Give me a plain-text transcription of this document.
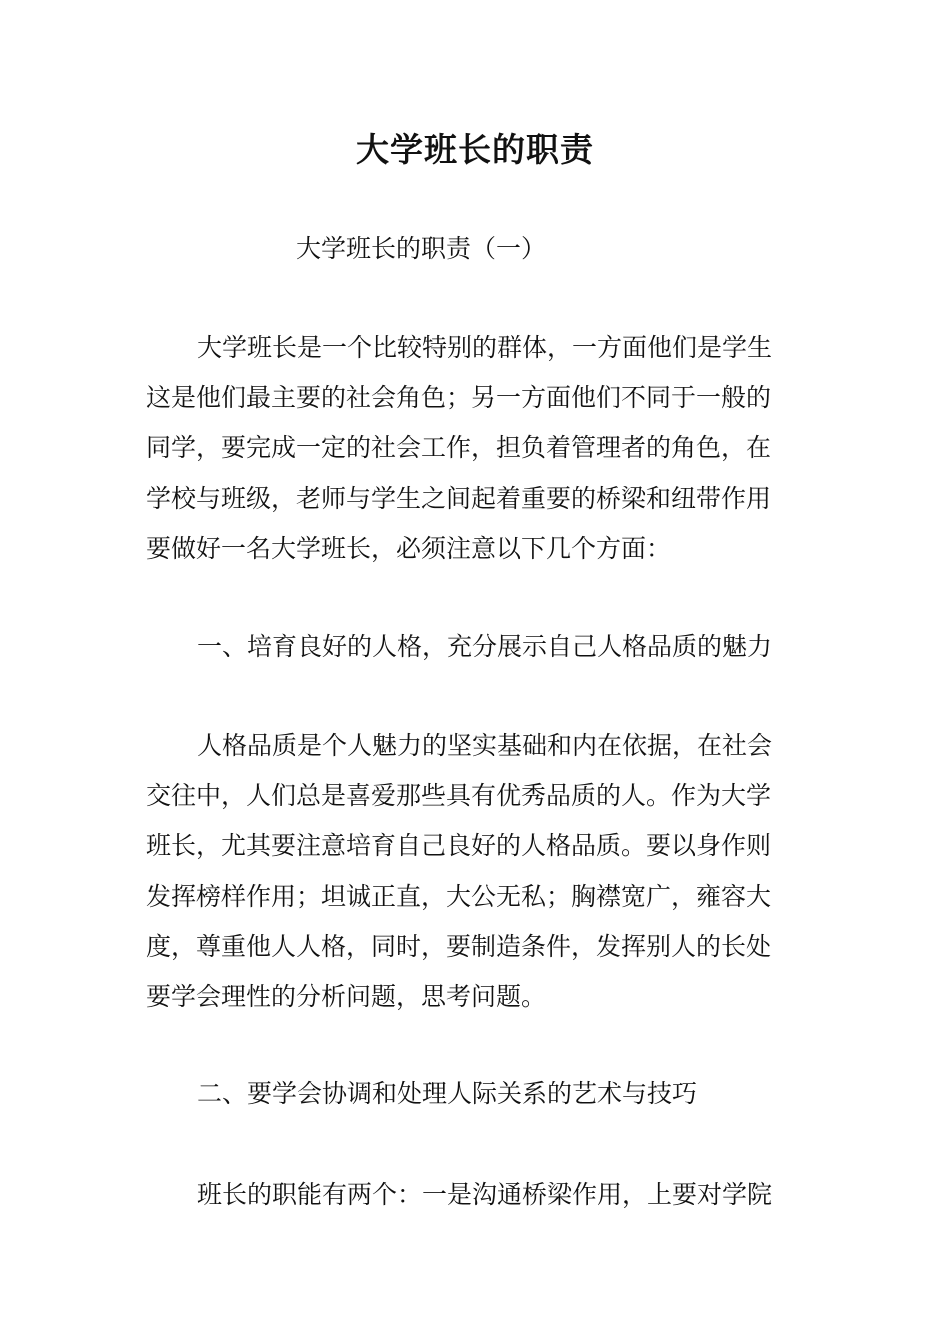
大学班长的职责
大学班长的职责（一）
大学班长是一个比较特别的群体，一方面他们是学生
这是他们最主要的社会角色；另一方面他们不同于一般的
同学，要完成一定的社会工作，担负着管理者的角色，在
学校与班级，老师与学生之间起着重要的桥梁和纽带作用
要做好一名大学班长，必须注意以下几个方面：
一、培育良好的人格，充分展示自己人格品质的魅力
人格品质是个人魅力的坚实基础和内在依据，在社会
交往中，人们总是喜爱那些具有优秀品质的人。作为大学
班长，尤其要注意培育自己良好的人格品质。要以身作则
发挥榜样作用；坦诚正直，大公无私；胸襟宽广，雍容大
度，尊重他人人格，同时，要制造条件，发挥别人的长处
要学会理性的分析问题，思考问题。
二、要学会协调和处理人际关系的艺术与技巧
班长的职能有两个：一是沟通桥梁作用，上要对学院
